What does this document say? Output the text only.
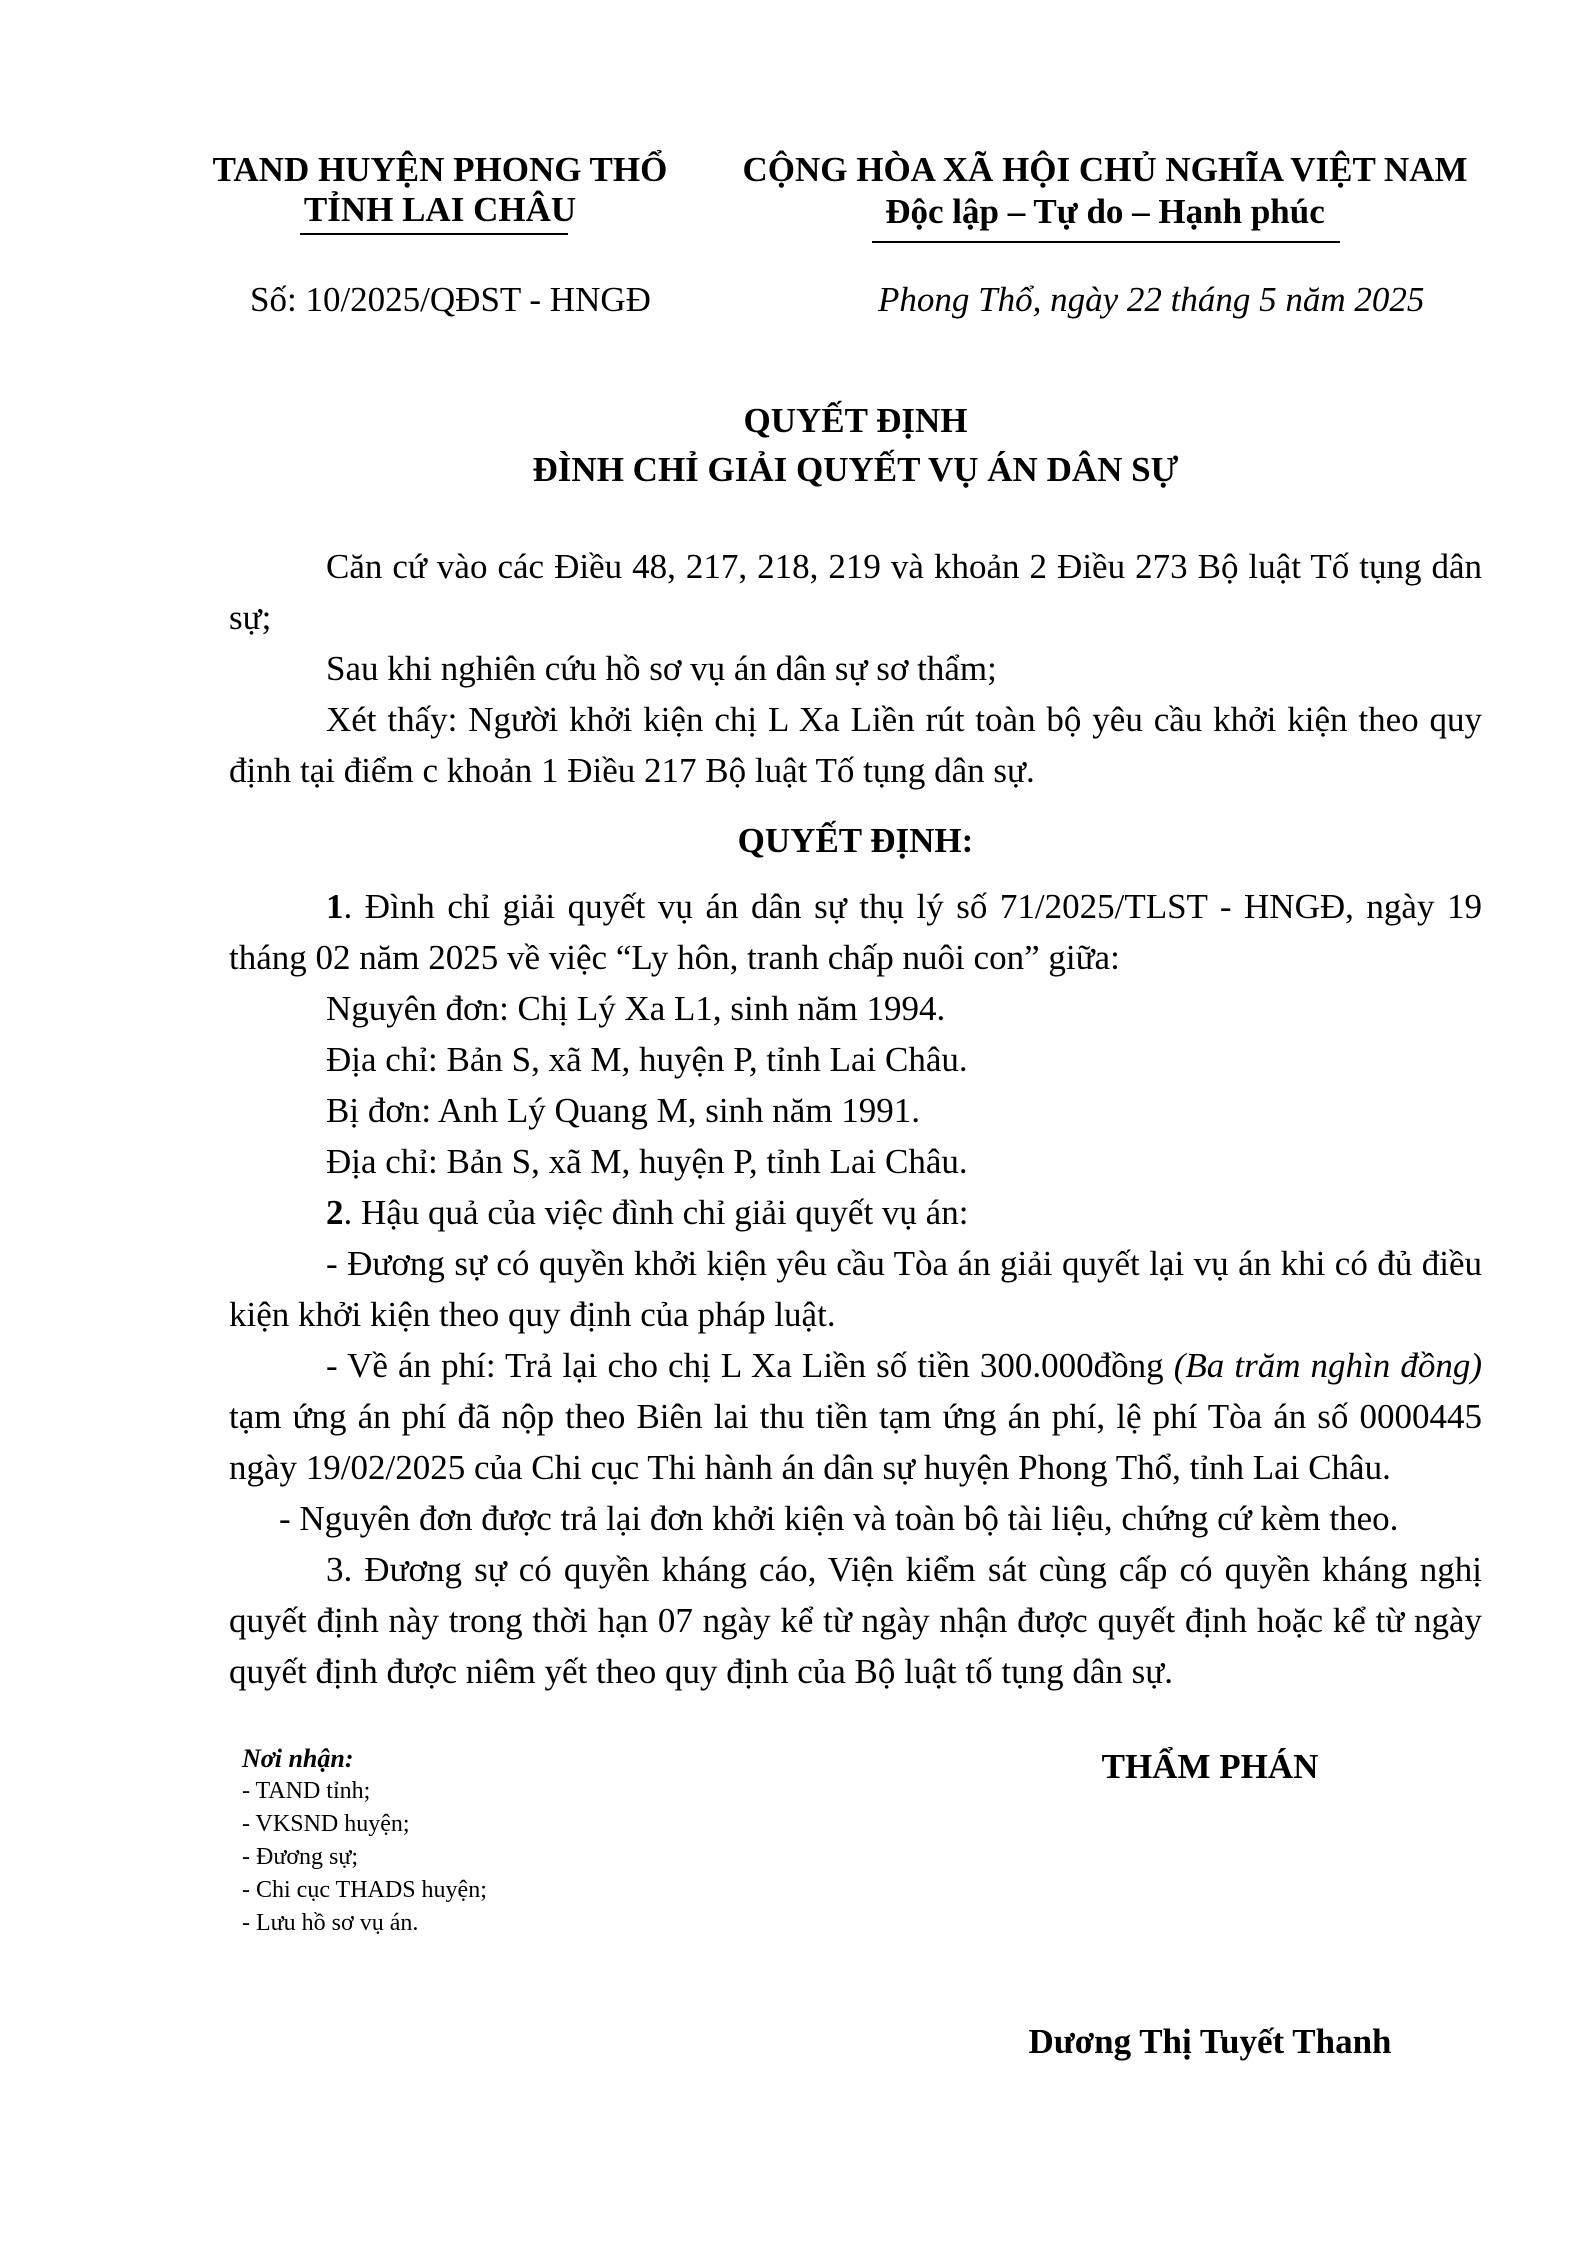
TAND HUYỆN PHONG THỔ
TỈNH LAI CHÂU
CỘNG HÒA XÃ HỘI CHỦ NGHĨA VIỆT NAM
Độc lập – Tự do – Hạnh phúc
Số: 10/2025/QĐST - HNGĐ	Phong Thổ, ngày 22 tháng 5 năm 2025
QUYẾT ĐỊNH
ĐÌNH CHỈ GIẢI QUYẾT VỤ ÁN DÂN SỰ

Căn cứ vào các Điều 48, 217, 218, 219 và khoản 2 Điều 273 Bộ luật Tố tụng dân sự;

Sau khi nghiên cứu hồ sơ vụ án dân sự sơ thẩm;

Xét thấy: Người khởi kiện chị L Xa Liền rút toàn bộ yêu cầu khởi kiện theo quy định tại điểm c khoản 1 Điều 217 Bộ luật Tố tụng dân sự.

QUYẾT ĐỊNH:

1. Đình chỉ giải quyết vụ án dân sự thụ lý số 71/2025/TLST - HNGĐ, ngày 19 tháng 02 năm 2025 về việc “Ly hôn, tranh chấp nuôi con” giữa:

Nguyên đơn: Chị Lý Xa L1, sinh năm 1994.

Địa chỉ: Bản S, xã M, huyện P, tỉnh Lai Châu.

Bị đơn: Anh Lý Quang M, sinh năm 1991.

Địa chỉ: Bản S, xã M, huyện P, tỉnh Lai Châu.

2. Hậu quả của việc đình chỉ giải quyết vụ án:

- Đương sự có quyền khởi kiện yêu cầu Tòa án giải quyết lại vụ án khi có đủ điều kiện khởi kiện theo quy định của pháp luật.

- Về án phí: Trả lại cho chị L Xa Liền số tiền 300.000đồng (Ba trăm nghìn đồng) tạm ứng án phí đã nộp theo Biên lai thu tiền tạm ứng án phí, lệ phí Tòa án số 0000445 ngày 19/02/2025 của Chi cục Thi hành án dân sự huyện Phong Thổ, tỉnh Lai Châu.

- Nguyên đơn được trả lại đơn khởi kiện và toàn bộ tài liệu, chứng cứ kèm theo.

3. Đương sự có quyền kháng cáo, Viện kiểm sát cùng cấp có quyền kháng nghị quyết định này trong thời hạn 07 ngày kể từ ngày nhận được quyết định hoặc kể từ ngày quyết định được niêm yết theo quy định của Bộ luật tố tụng dân sự.

Nơi nhận:
- TAND tỉnh;
- VKSND huyện;
- Đương sự;
- Chi cục THADS huyện;
- Lưu hồ sơ vụ án.
THẨM PHÁN
Dương Thị Tuyết Thanh
